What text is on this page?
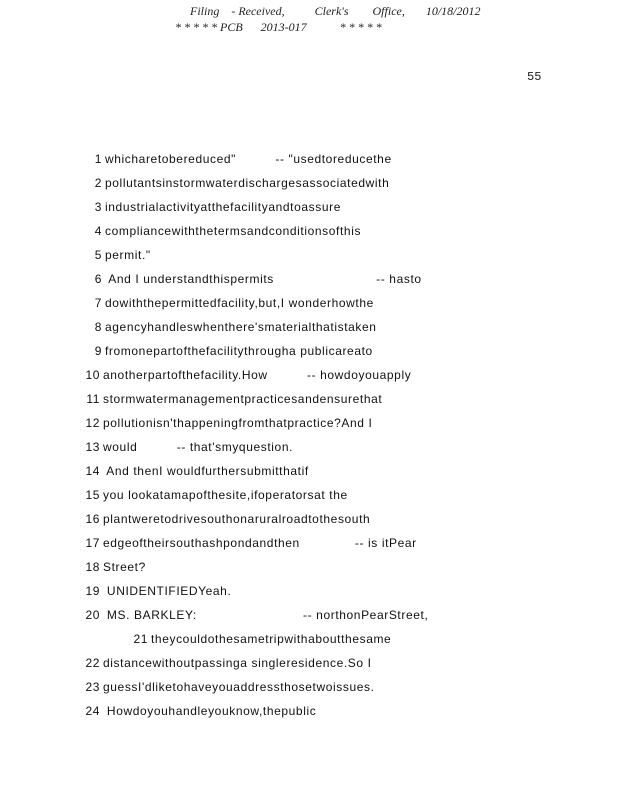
Filing    - Received,          Clerk's        Office,       10/18/2012
* * * * * PCB      2013-017           * * * * *
55
1 whicharetobereduced"          -- "usedtoreducethe
2 pollutantsinstormwaterdischargesassociatedwith
3 industrialactivityatthefacilityandtoassure
4 compliancewiththetermsandconditionsofthis
5 permit."
6 And I understandthispermits                          -- hasto
7 dowiththepermittedfacility,but,I wonderhowthe
8 agencyhandleswhenthere'smaterialthatistaken
9 fromonepartofthefacilitythrougha publicareato
10 anotherpartofthefacility.How          -- howdoyouapply
11 stormwatermanagementpracticesandensurethat
12 pollutionisn'thappeningfromthatpractice?And I
13 would          -- that'smyquestion.
14 And thenI wouldfurthersubmitthatif
15 you lookatamapofthesite,ifoperatorsat the
16 plantweretodrivesouthonaruralroadtothesouth
17 edgeoftheirsouthashpondandthen              -- is itPear
18 Street?
19 UNIDENTIFIEDYeah.
20 MS. BARKLEY:                           -- northonPearStreet,
21 theycouldothesametripwithaboutthesame
22 distancewithoutpassinga singleresidence.So I
23 guessI'dliketohaveyouaddressthosetwoissues.
24 Howdoyouhandleyouknow,thepublic
